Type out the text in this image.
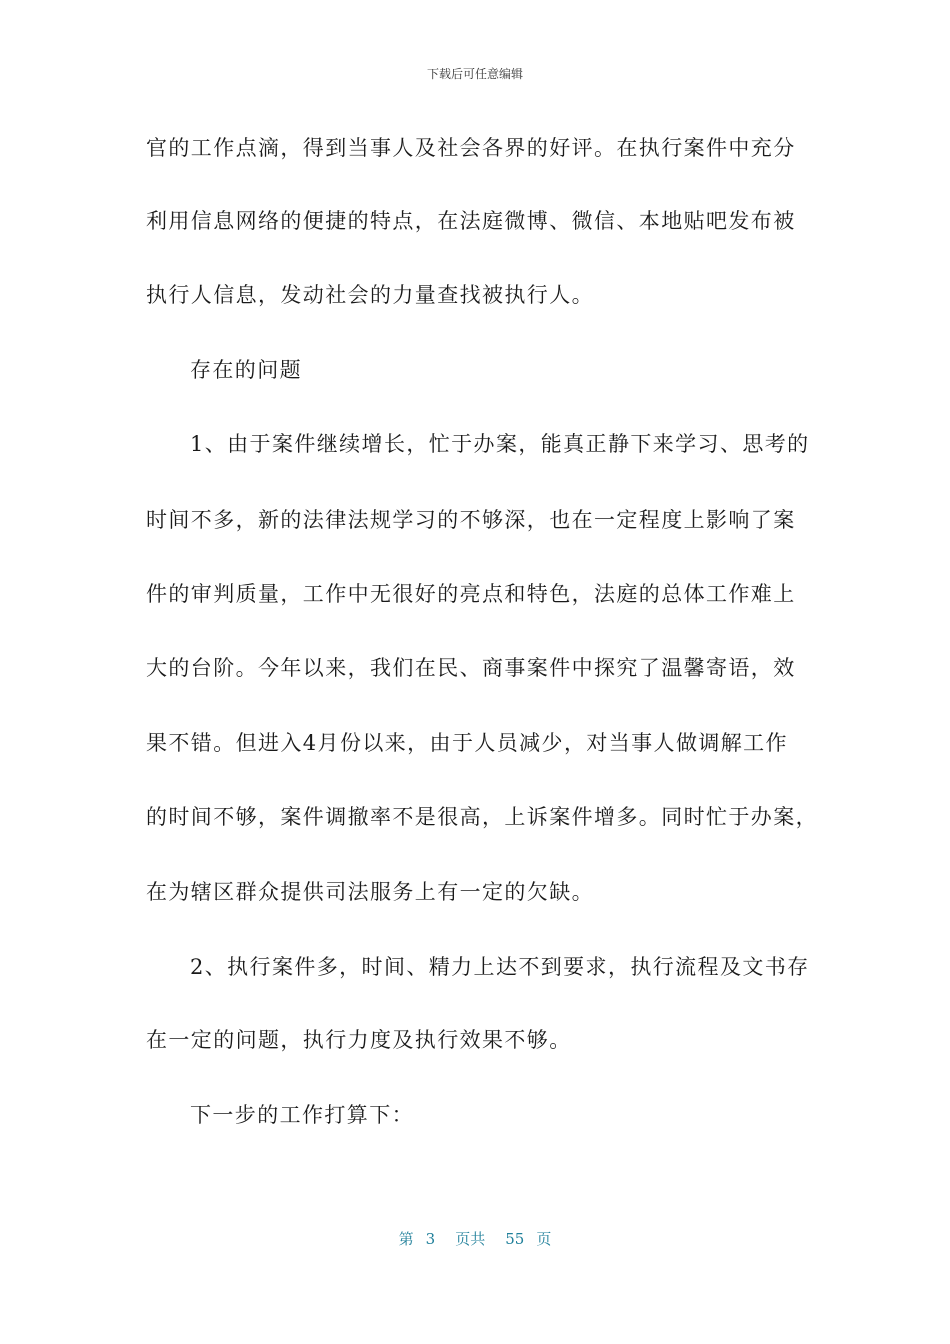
下载后可任意编辑
官的工作点滴，得到当事人及社会各界的好评。在执行案件中充分
利用信息网络的便捷的特点，在法庭微博、微信、本地贴吧发布被
执行人信息，发动社会的力量查找被执行人。
存在的问题
1、由于案件继续增长，忙于办案，能真正静下来学习、思考的
时间不多，新的法律法规学习的不够深，也在一定程度上影响了案
件的审判质量，工作中无很好的亮点和特色，法庭的总体工作难上
大的台阶。今年以来，我们在民、商事案件中探究了温馨寄语，效
果不错。但进入4月份以来，由于人员减少，对当事人做调解工作
的时间不够，案件调撤率不是很高，上诉案件增多。同时忙于办案，
在为辖区群众提供司法服务上有一定的欠缺。
2、执行案件多，时间、精力上达不到要求，执行流程及文书存
在一定的问题，执行力度及执行效果不够。
下一步的工作打算下：
第 3 页共 55 页
